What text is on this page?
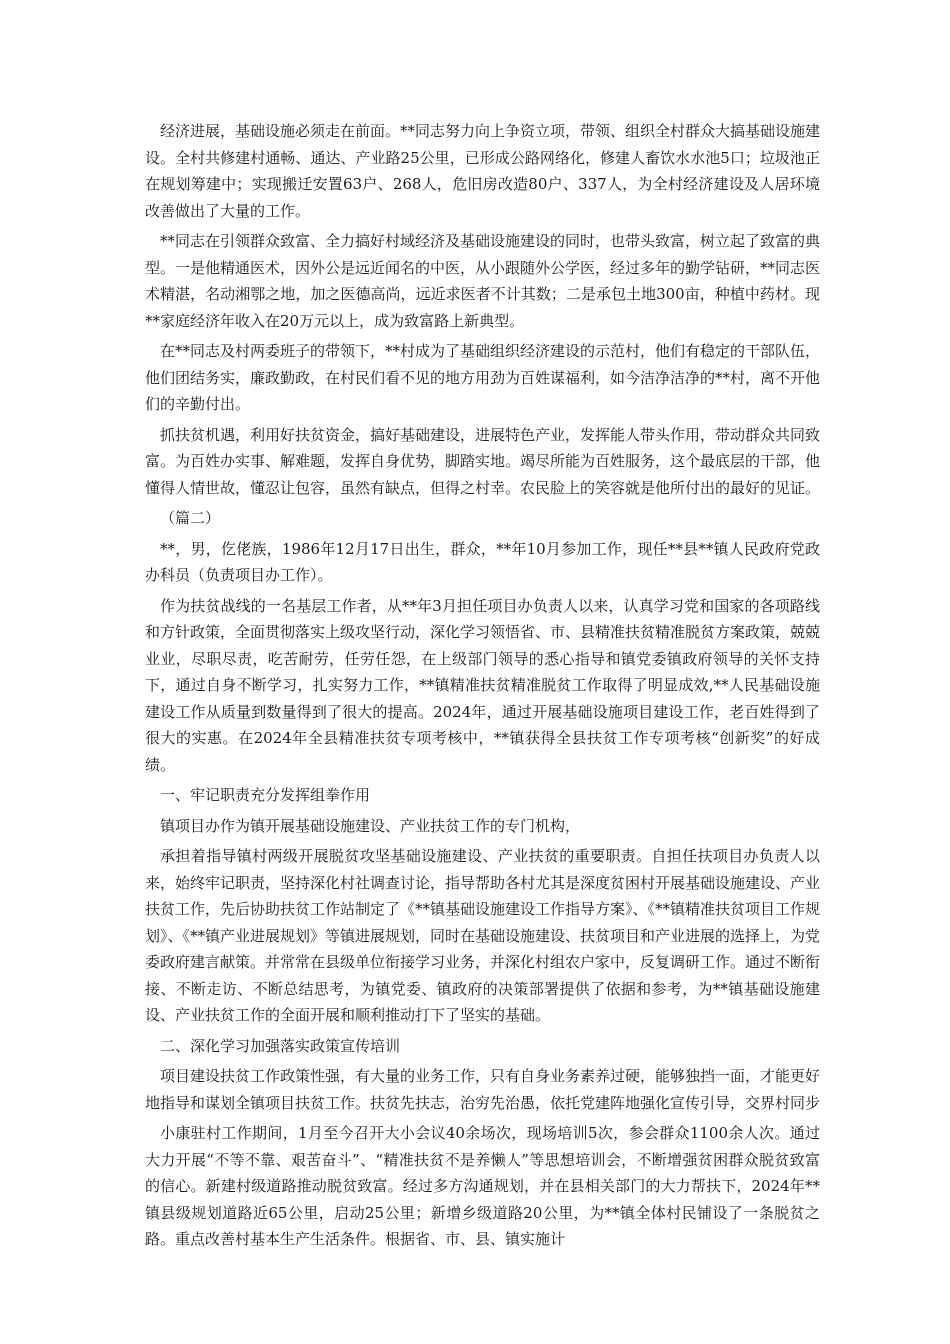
经济进展，基础设施必须走在前面。**同志努力向上争资立项，带领、组织全村群众大搞基础设施建设。全村共修建村通畅、通达、产业路25公里，已形成公路网络化，修建人畜饮水水池5口；垃圾池正在规划筹建中；实现搬迁安置63户、268人，危旧房改造80户、337人，为全村经济建设及人居环境改善做出了大量的工作。

**同志在引领群众致富、全力搞好村域经济及基础设施建设的同时，也带头致富，树立起了致富的典型。一是他精通医术，因外公是远近闻名的中医，从小跟随外公学医，经过多年的勤学钻研，**同志医术精湛，名动湘鄂之地，加之医德高尚，远近求医者不计其数；二是承包土地300亩，种植中药材。现**家庭经济年收入在20万元以上，成为致富路上新典型。

在**同志及村两委班子的带领下，**村成为了基础组织经济建设的示范村，他们有稳定的干部队伍，他们团结务实，廉政勤政，在村民们看不见的地方用劲为百姓谋福利，如今洁净洁净的**村，离不开他们的辛勤付出。

抓扶贫机遇，利用好扶贫资金，搞好基础建设，进展特色产业，发挥能人带头作用，带动群众共同致富。为百姓办实事、解难题，发挥自身优势，脚踏实地。竭尽所能为百姓服务，这个最底层的干部，他懂得人情世故，懂忍让包容，虽然有缺点，但得之村幸。农民脸上的笑容就是他所付出的最好的见证。

（篇二）

**，男，仡佬族，1986年12月17日出生，群众，**年10月参加工作，现任**县**镇人民政府党政办科员（负责项目办工作）。

作为扶贫战线的一名基层工作者，从**年3月担任项目办负责人以来，认真学习党和国家的各项路线和方针政策，全面贯彻落实上级攻坚行动，深化学习领悟省、市、县精准扶贫精准脱贫方案政策，兢兢业业，尽职尽责，吃苦耐劳，任劳任怨，在上级部门领导的悉心指导和镇党委镇政府领导的关怀支持下，通过自身不断学习，扎实努力工作，**镇精准扶贫精准脱贫工作取得了明显成效,**人民基础设施建设工作从质量到数量得到了很大的提高。2024年，通过开展基础设施项目建设工作，老百姓得到了很大的实惠。在2024年全县精准扶贫专项考核中，**镇获得全县扶贫工作专项考核“创新奖”的好成绩。

一、牢记职责充分发挥组拳作用

镇项目办作为镇开展基础设施建设、产业扶贫工作的专门机构，

承担着指导镇村两级开展脱贫攻坚基础设施建设、产业扶贫的重要职责。自担任扶项目办负责人以来，始终牢记职责，坚持深化村社调查讨论，指导帮助各村尤其是深度贫困村开展基础设施建设、产业扶贫工作，先后协助扶贫工作站制定了《**镇基础设施建设工作指导方案》、《**镇精准扶贫项目工作规划》、《**镇产业进展规划》等镇进展规划，同时在基础设施建设、扶贫项目和产业进展的选择上，为党委政府建言献策。并常常在县级单位衔接学习业务，并深化村组农户家中，反复调研工作。通过不断衔接、不断走访、不断总结思考，为镇党委、镇政府的决策部署提供了依据和参考，为**镇基础设施建设、产业扶贫工作的全面开展和顺利推动打下了坚实的基础。

二、深化学习加强落实政策宣传培训

项目建设扶贫工作政策性强，有大量的业务工作，只有自身业务素养过硬，能够独挡一面，才能更好地指导和谋划全镇项目扶贫工作。扶贫先扶志，治穷先治愚，依托党建阵地强化宣传引导，交界村同步

小康驻村工作期间，1月至今召开大小会议40余场次，现场培训5次，参会群众1100余人次。通过大力开展“不等不靠、艰苦奋斗”、“精准扶贫不是养懒人”等思想培训会，不断增强贫困群众脱贫致富的信心。新建村级道路推动脱贫致富。经过多方沟通规划，并在县相关部门的大力帮扶下，2024年**镇县级规划道路近65公里，启动25公里；新增乡级道路20公里，为**镇全体村民铺设了一条脱贫之路。重点改善村基本生产生活条件。根据省、市、县、镇实施计
